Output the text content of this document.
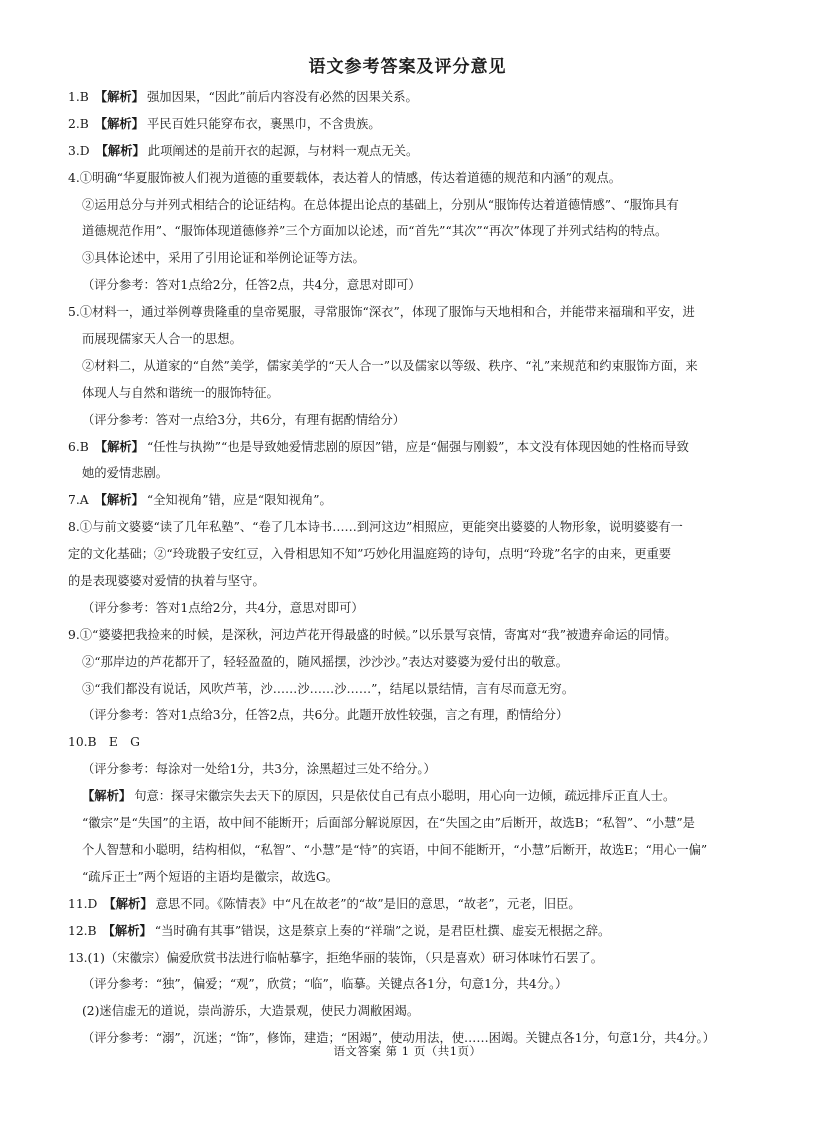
语文参考答案及评分意见
1.B 【解析】 强加因果，“因此”前后内容没有必然的因果关系。
2.B 【解析】 平民百姓只能穿布衣，裹黑巾，不含贵族。
3.D 【解析】 此项阐述的是前开衣的起源，与材料一观点无关。
4.①明确“华夏服饰被人们视为道德的重要载体，表达着人的情感，传达着道德的规范和内涵”的观点。
②运用总分与并列式相结合的论证结构。在总体提出论点的基础上，分别从“服饰传达着道德情感”、“服饰具有
道德规范作用”、“服饰体现道德修养”三个方面加以论述，而“首先”“其次”“再次”体现了并列式结构的特点。
③具体论述中，采用了引用论证和举例论证等方法。
（评分参考：答对1点给2分，任答2点，共4分，意思对即可）
5.①材料一，通过举例尊贵隆重的皇帝冕服，寻常服饰“深衣”，体现了服饰与天地相和合，并能带来福瑞和平安，进
而展现儒家天人合一的思想。
②材料二，从道家的“自然”美学，儒家美学的“天人合一”以及儒家以等级、秩序、“礼”来规范和约束服饰方面，来
体现人与自然和谐统一的服饰特征。
（评分参考：答对一点给3分，共6分，有理有据酌情给分）
6.B 【解析】 “任性与执拗”“也是导致她爱情悲剧的原因”错，应是“倔强与刚毅”，本文没有体现因她的性格而导致
她的爱情悲剧。
7.A 【解析】 “全知视角”错，应是“限知视角”。
8.①与前文婆婆“读了几年私塾”、“卷了几本诗书……到河这边”相照应，更能突出婆婆的人物形象，说明婆婆有一
定的文化基础；②“玲珑骰子安红豆，入骨相思知不知”巧妙化用温庭筠的诗句，点明“玲珑”名字的由来，更重要
的是表现婆婆对爱情的执着与坚守。
（评分参考：答对1点给2分，共4分，意思对即可）
9.①“婆婆把我捡来的时候，是深秋，河边芦花开得最盛的时候。”以乐景写哀情，寄寓对“我”被遗弃命运的同情。
②“那岸边的芦花都开了，轻轻盈盈的，随风摇摆，沙沙沙。”表达对婆婆为爱付出的敬意。
③“我们都没有说话，风吹芦苇，沙……沙……沙……”，结尾以景结情，言有尽而意无穷。
（评分参考：答对1点给3分，任答2点，共6分。此题开放性较强，言之有理，酌情给分）
10.B　E　G
（评分参考：每涂对一处给1分，共3分，涂黑超过三处不给分。）
【解析】 句意：探寻宋徽宗失去天下的原因，只是依仗自己有点小聪明，用心向一边倾，疏远排斥正直人士。
“徽宗”是“失国”的主语，故中间不能断开；后面部分解说原因，在“失国之由”后断开，故选B；“私智”、“小慧”是
个人智慧和小聪明，结构相似，“私智”、“小慧”是“恃”的宾语，中间不能断开，“小慧”后断开，故选E；“用心一偏”
“疏斥正士”两个短语的主语均是徽宗，故选G。
11.D 【解析】 意思不同。《陈情表》中“凡在故老”的“故”是旧的意思，“故老”，元老，旧臣。
12.B 【解析】 “当时确有其事”错误，这是蔡京上奏的“祥瑞”之说，是君臣杜撰、虚妄无根据之辞。
13.(1)（宋徽宗）偏爱欣赏书法进行临帖摹字，拒绝华丽的装饰，（只是喜欢）研习体味竹石罢了。
（评分参考：“独”，偏爱；“观”，欣赏；“临”，临摹。关键点各1分，句意1分，共4分。）
(2)迷信虚无的道说，崇尚游乐，大造景观，使民力凋敝困竭。
（评分参考：“溺”，沉迷；“饰”，修饰，建造；“困竭”，使动用法，使……困竭。关键点各1分，句意1分，共4分。）
语文答案 第 1 页（共1页）
